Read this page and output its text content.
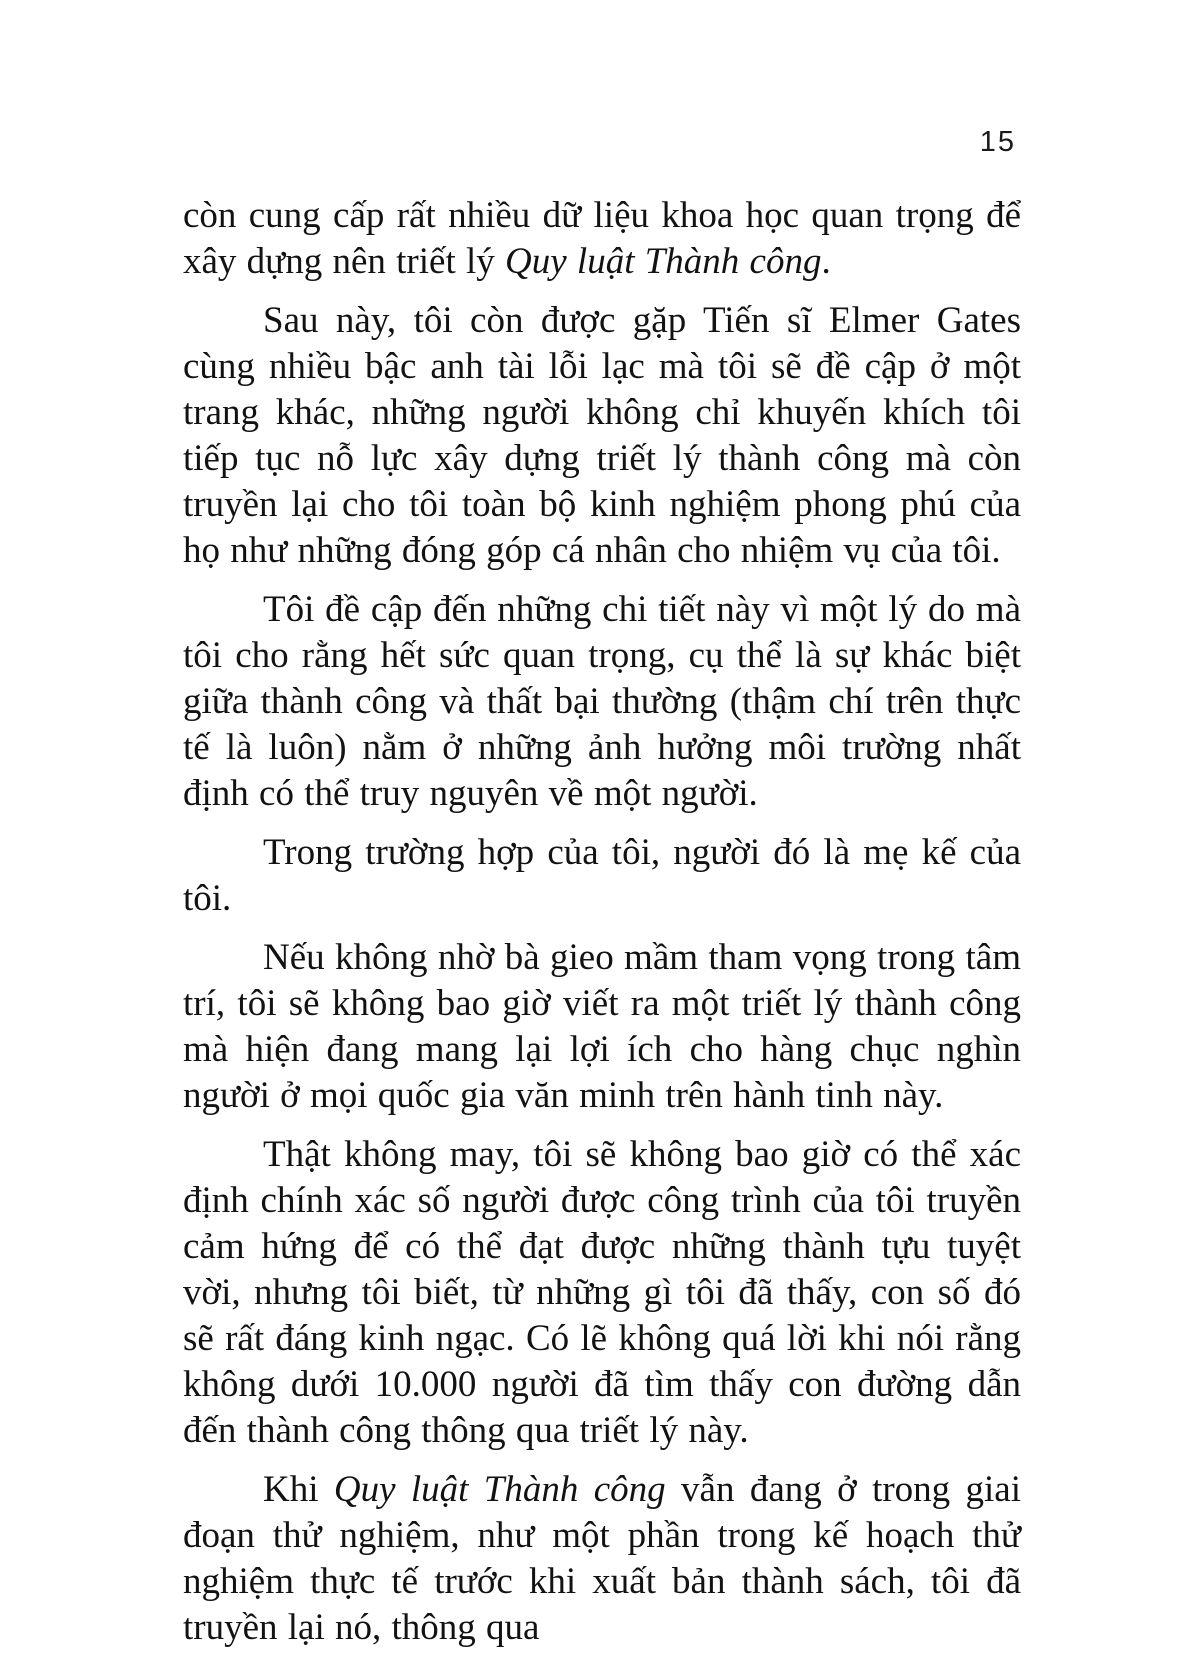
15

còn cung cấp rất nhiều dữ liệu khoa học quan trọng để xây dựng nên triết lý Quy luật Thành công.

Sau này, tôi còn được gặp Tiến sĩ Elmer Gates cùng nhiều bậc anh tài lỗi lạc mà tôi sẽ đề cập ở một trang khác, những người không chỉ khuyến khích tôi tiếp tục nỗ lực xây dựng triết lý thành công mà còn truyền lại cho tôi toàn bộ kinh nghiệm phong phú của họ như những đóng góp cá nhân cho nhiệm vụ của tôi.

Tôi đề cập đến những chi tiết này vì một lý do mà tôi cho rằng hết sức quan trọng, cụ thể là sự khác biệt giữa thành công và thất bại thường (thậm chí trên thực tế là luôn) nằm ở những ảnh hưởng môi trường nhất định có thể truy nguyên về một người.

Trong trường hợp của tôi, người đó là mẹ kế của tôi.

Nếu không nhờ bà gieo mầm tham vọng trong tâm trí, tôi sẽ không bao giờ viết ra một triết lý thành công mà hiện đang mang lại lợi ích cho hàng chục nghìn người ở mọi quốc gia văn minh trên hành tinh này.

Thật không may, tôi sẽ không bao giờ có thể xác định chính xác số người được công trình của tôi truyền cảm hứng để có thể đạt được những thành tựu tuyệt vời, nhưng tôi biết, từ những gì tôi đã thấy, con số đó sẽ rất đáng kinh ngạc. Có lẽ không quá lời khi nói rằng không dưới 10.000 người đã tìm thấy con đường dẫn đến thành công thông qua triết lý này.

Khi Quy luật Thành công vẫn đang ở trong giai đoạn thử nghiệm, như một phần trong kế hoạch thử nghiệm thực tế trước khi xuất bản thành sách, tôi đã truyền lại nó, thông qua
